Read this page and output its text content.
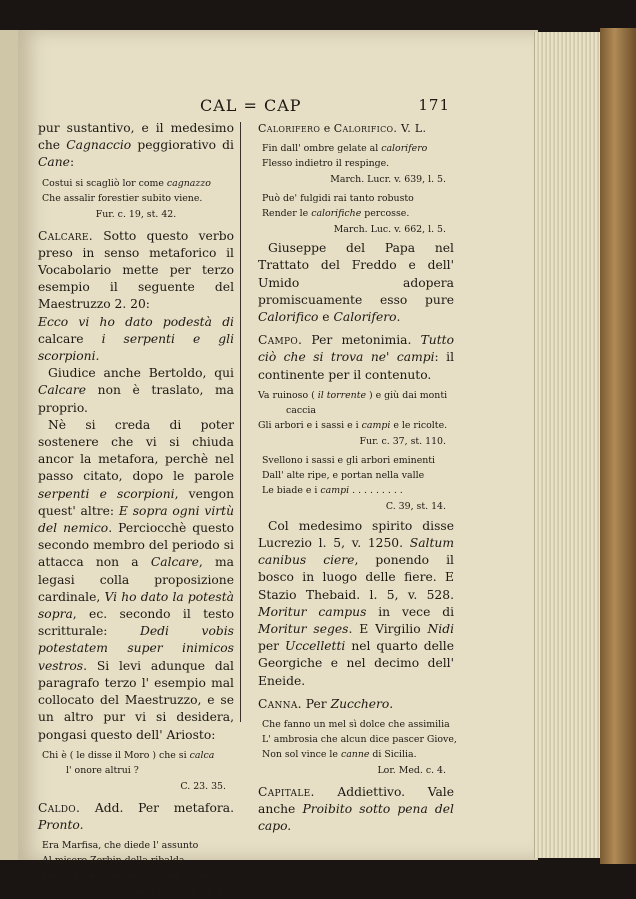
CAL = CAP	171

pur sustantivo, e il medesimo che Cagnaccio peggiorativo di Cane:

Costui si scagliò lor come cagnazzo
Che assalir forestier subito viene.
Fur. c. 19, st. 42.

Calcare. Sotto questo verbo preso in senso metaforico il Vocabolario mette per terzo esempio il seguente del Maestruzzo 2. 20:

Ecco vi ho dato podestà di calcare i serpenti e gli scorpioni.

Giudice anche Bertoldo, qui Calcare non è traslato, ma proprio.

Nè si creda di poter sostenere che vi si chiuda ancor la metafora, perchè nel passo citato, dopo le parole serpenti e scorpioni, vengon quest' altre: E sopra ogni virtù del nemico. Perciocchè questo secondo membro del periodo si attacca non a Calcare, ma legasi colla proposizione cardinale, Vi ho dato la potestà sopra, ec. secondo il testo scritturale: Dedi vobis potestatem super inimicos vestros. Si levi adunque dal paragrafo terzo l' esempio mal collocato del Maestruzzo, e se un altro pur vi si desidera, pongasi questo dell' Ariosto:

Chi è ( le disse il Moro ) che si calca
l' onore altrui ?
C. 23. 35.

Caldo. Add. Per metafora. Pronto.

Era Marfisa, che diede l' assunto
Al misero Zerbin della ribalda
Vecchia Gabrina, ad ogni mal sì calda.
Ar. Fur. c. 16, st. 8.

Calorifero e Calorifico. V. L.

Fin dall' ombre gelate al calorifero
Flesso indietro il respinge.
March. Lucr. v. 639, l. 5.
Può de' fulgidi rai tanto robusto
Render le calorifiche percosse.
March. Luc. v. 662, l. 5.

Giuseppe del Papa nel Trattato del Freddo e dell' Umido adopera promiscuamente esso pure Calorifico e Calorifero.

Campo. Per metonimia. Tutto ciò che si trova ne' campi: il continente per il contenuto.

Va ruinoso ( il torrente ) e giù dai monti
caccia
Gli arbori e i sassi e i campi e le ricolte.
Fur. c. 37, st. 110.
Svellono i sassi e gli arbori eminenti
Dall' alte ripe, e portan nella valle
Le biade e i campi . . . . . . . . .
C. 39, st. 14.

Col medesimo spirito disse Lucrezio l. 5, v. 1250. Saltum canibus ciere, ponendo il bosco in luogo delle fiere. E Stazio Thebaid. l. 5, v. 528. Moritur campus in vece di Moritur seges. E Virgilio Nidi per Uccelletti nel quarto delle Georgiche e nel decimo dell' Eneide.

Canna. Per Zucchero.

Che fanno un mel sì dolce che assimilia
L' ambrosia che alcun dice pascer Giove,
Non sol vince le canne di Sicilia.
Lor. Med. c. 4.

Capitale. Addiettivo. Vale anche Proibito sotto pena del capo.
